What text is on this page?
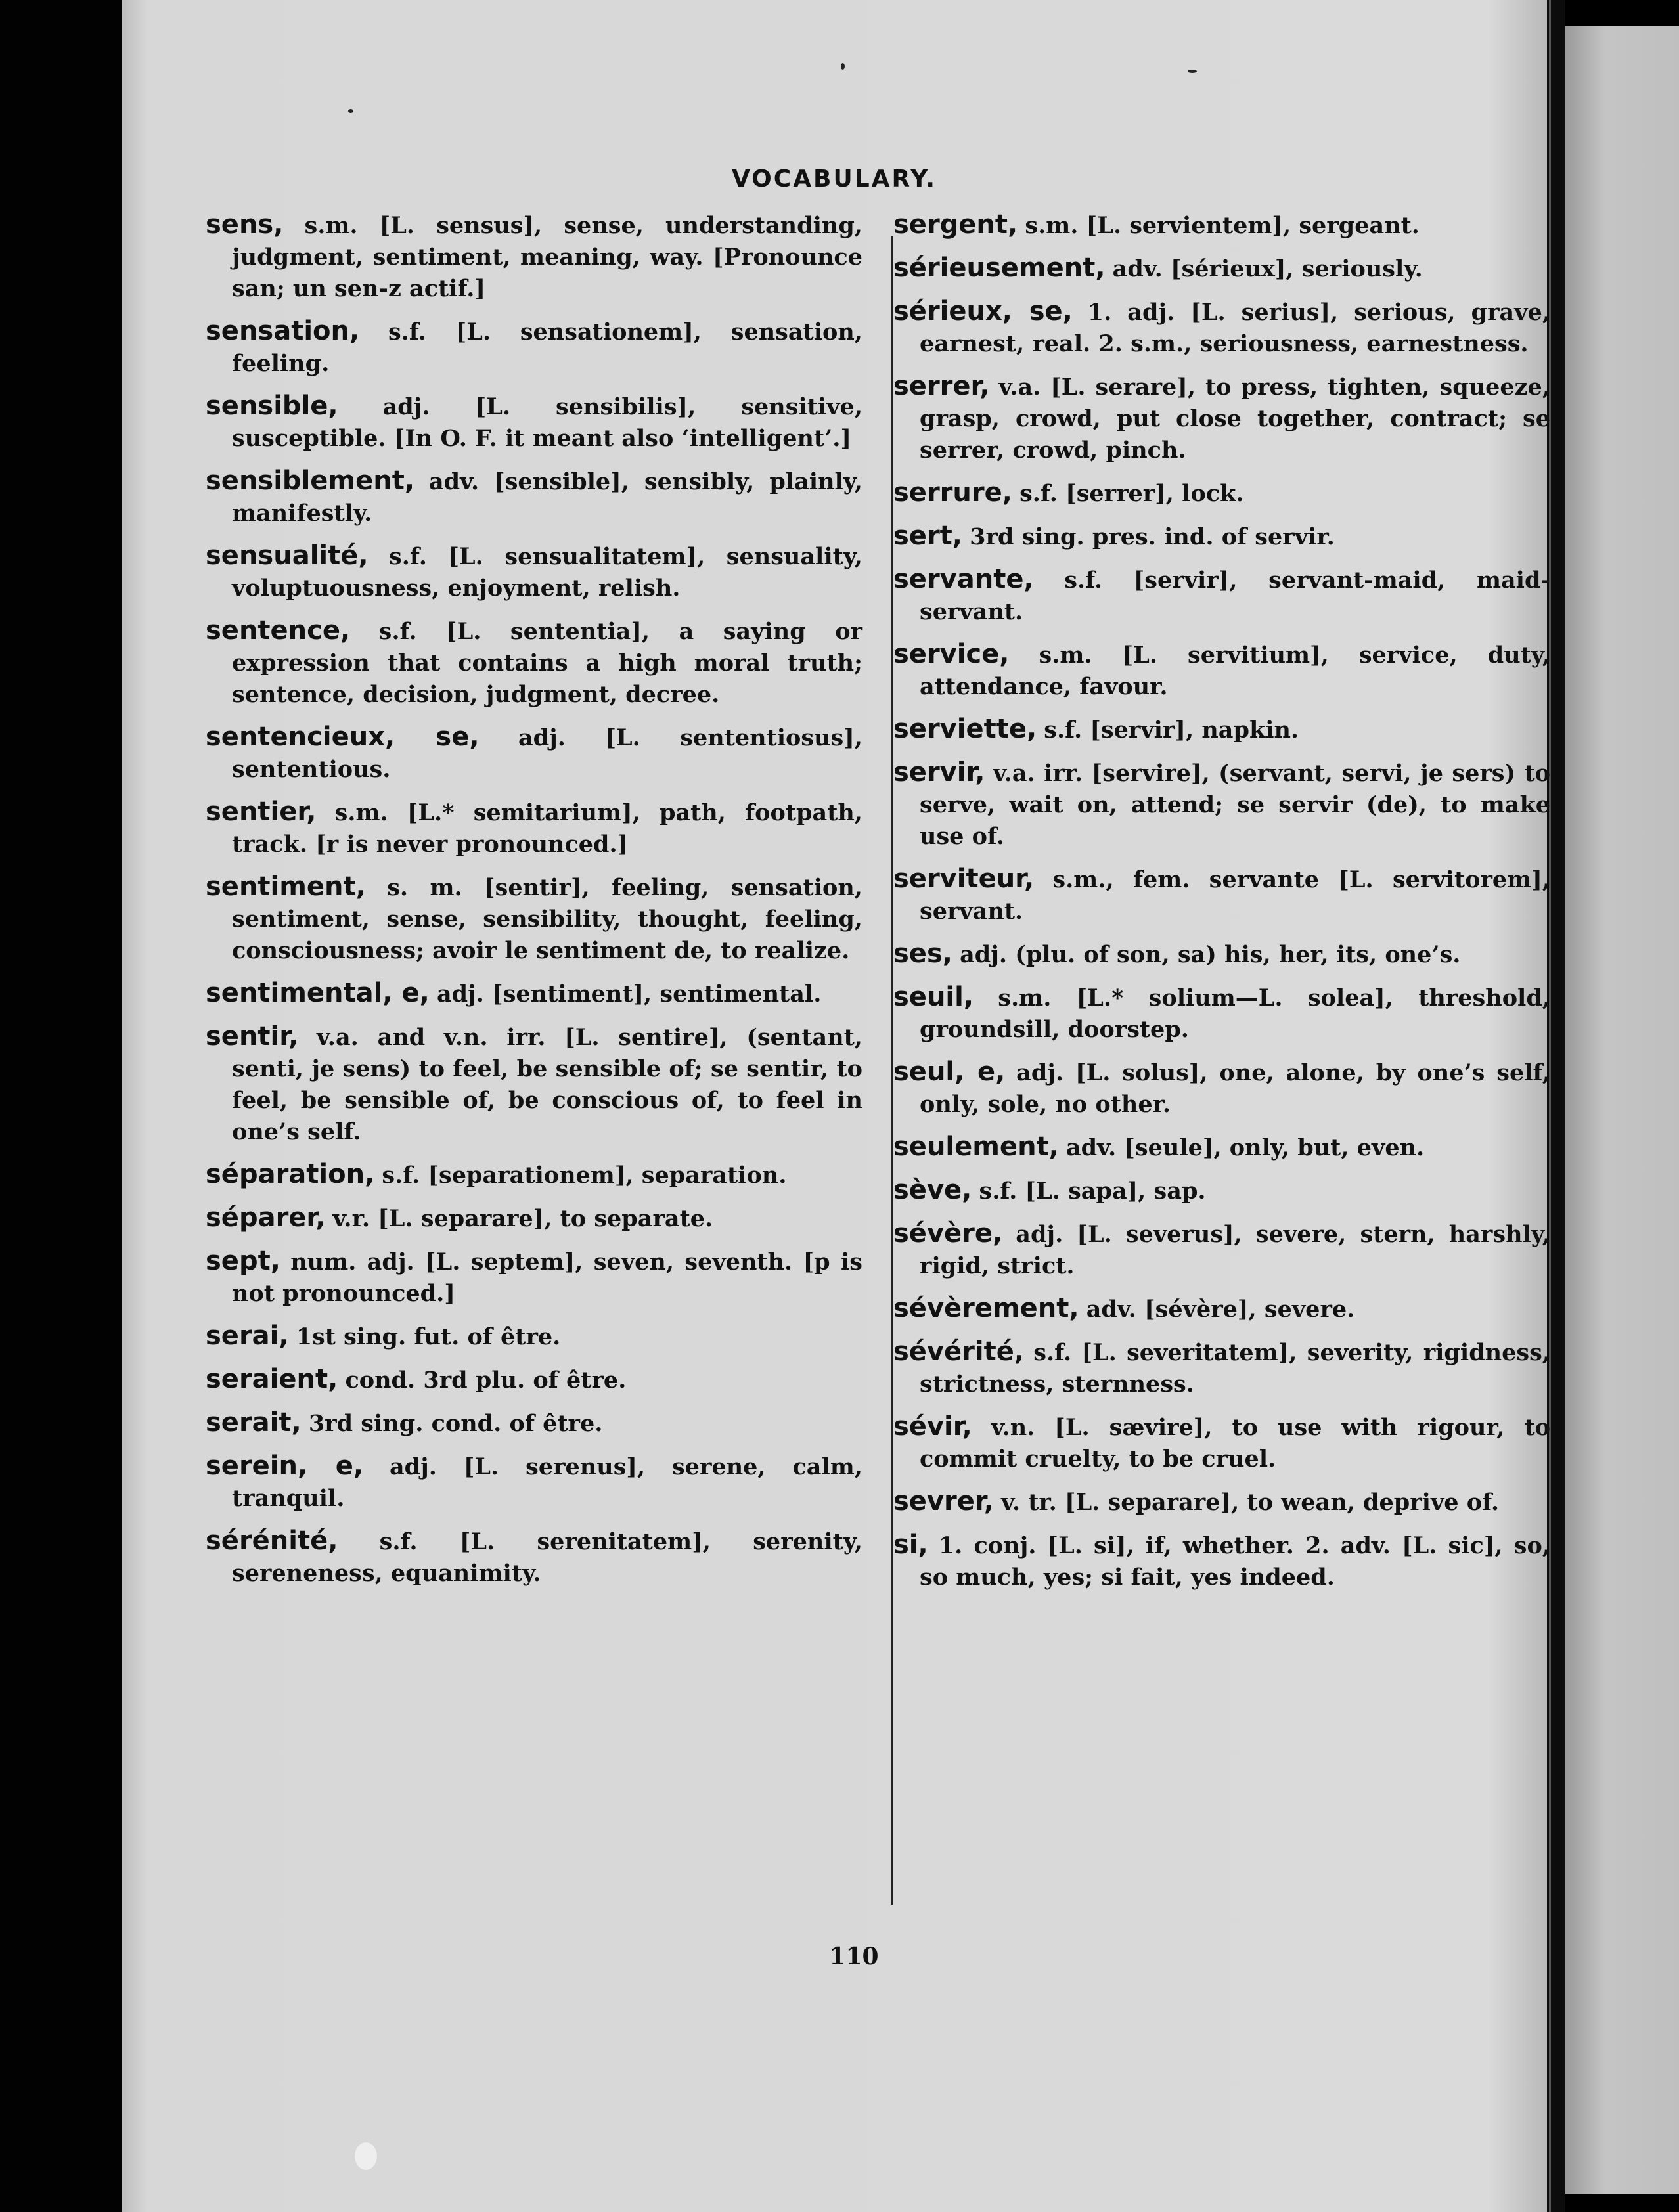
VOCABULARY.
sens, s.m. [L. sensus], sense, understanding, judgment, sentiment, meaning, way. [Pronounce san; un sen-z actif.]
sensation, s.f. [L. sensationem], sensation, feeling.
sensible, adj. [L. sensibilis], sensitive, susceptible. [In O. F. it meant also ‘intelligent’.]
sensiblement, adv. [sensible], sensibly, plainly, manifestly.
sensualité, s.f. [L. sensualitatem], sensuality, voluptuousness, enjoyment, relish.
sentence, s.f. [L. sententia], a saying or expression that contains a high moral truth; sentence, decision, judgment, decree.
sentencieux, se, adj. [L. sententiosus], sententious.
sentier, s.m. [L.* semitarium], path, footpath, track. [r is never pronounced.]
sentiment, s. m. [sentir], feeling, sensation, sentiment, sense, sensibility, thought, feeling, consciousness; avoir le sentiment de, to realize.
sentimental, e, adj. [sentiment], sentimental.
sentir, v.a. and v.n. irr. [L. sentire], (sentant, senti, je sens) to feel, be sensible of; se sentir, to feel, be sensible of, be conscious of, to feel in one’s self.
séparation, s.f. [separationem], separation.
séparer, v.r. [L. separare], to separate.
sept, num. adj. [L. septem], seven, seventh. [p is not pronounced.]
serai, 1st sing. fut. of être.
seraient, cond. 3rd plu. of être.
serait, 3rd sing. cond. of être.
serein, e, adj. [L. serenus], serene, calm, tranquil.
sérénité, s.f. [L. serenitatem], serenity, sereneness, equanimity.
sergent, s.m. [L. servientem], sergeant.
sérieusement, adv. [sérieux], seriously.
sérieux, se, 1. adj. [L. serius], serious, grave, earnest, real. 2. s.m., seriousness, earnestness.
serrer, v.a. [L. serare], to press, tighten, squeeze, grasp, crowd, put close together, contract; se serrer, crowd, pinch.
serrure, s.f. [serrer], lock.
sert, 3rd sing. pres. ind. of servir.
servante, s.f. [servir], servant-maid, maid-servant.
service, s.m. [L. servitium], service, duty, attendance, favour.
serviette, s.f. [servir], napkin.
servir, v.a. irr. [servire], (servant, servi, je sers) to serve, wait on, attend; se servir (de), to make use of.
serviteur, s.m., fem. servante [L. servitorem], servant.
ses, adj. (plu. of son, sa) his, her, its, one’s.
seuil, s.m. [L.* solium—L. solea], threshold, groundsill, doorstep.
seul, e, adj. [L. solus], one, alone, by one’s self, only, sole, no other.
seulement, adv. [seule], only, but, even.
sève, s.f. [L. sapa], sap.
sévère, adj. [L. severus], severe, stern, harshly, rigid, strict.
sévèrement, adv. [sévère], severe.
sévérité, s.f. [L. severitatem], severity, rigidness, strictness, sternness.
sévir, v.n. [L. sævire], to use with rigour, to commit cruelty, to be cruel.
sevrer, v. tr. [L. separare], to wean, deprive of.
si, 1. conj. [L. si], if, whether. 2. adv. [L. sic], so, so much, yes; si fait, yes indeed.
110
